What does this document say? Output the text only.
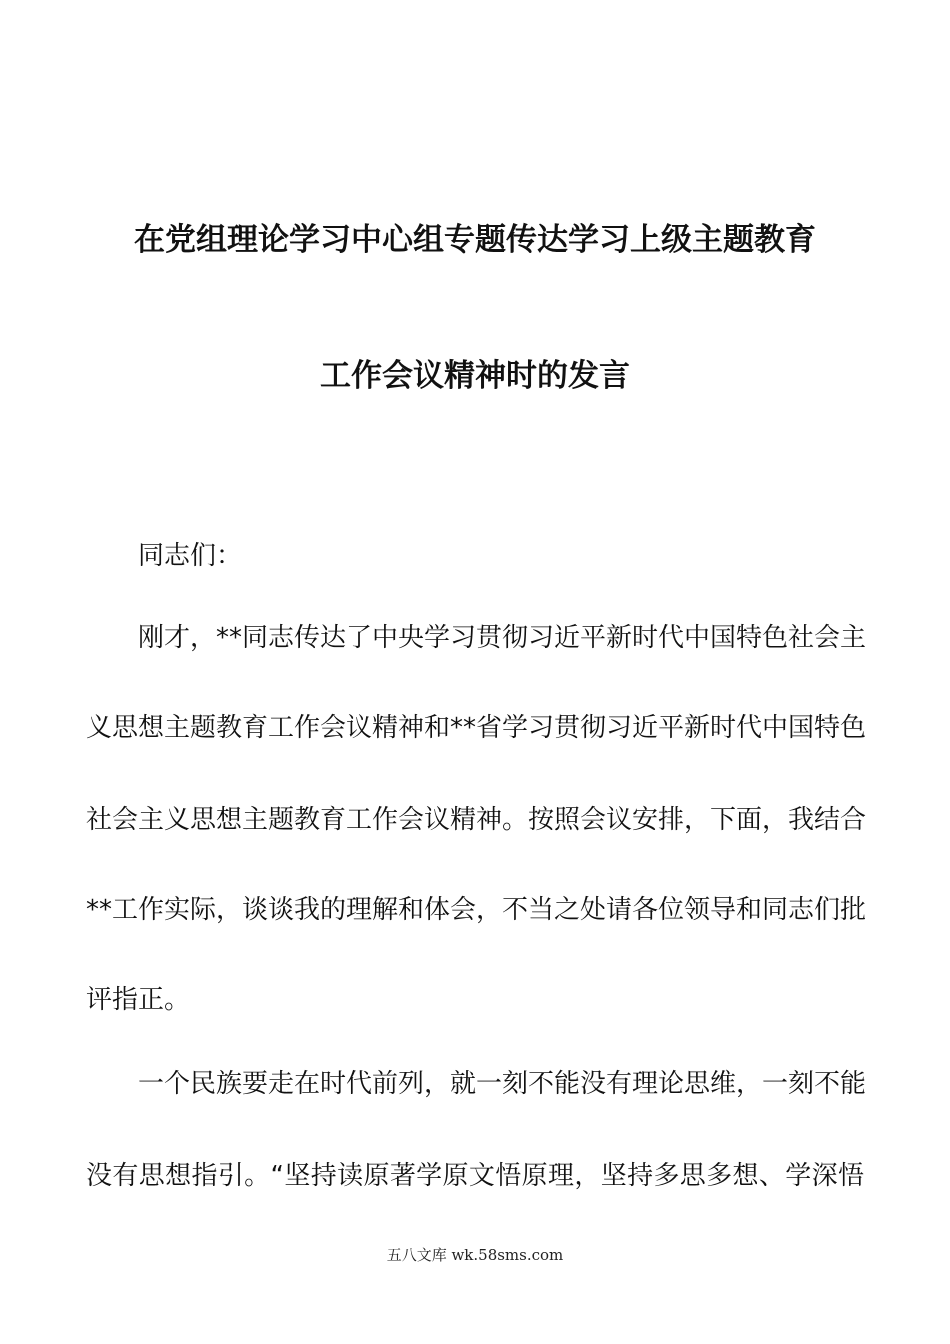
在党组理论学习中心组专题传达学习上级主题教育
工作会议精神时的发言
同志们：
刚才，**同志传达了中央学习贯彻习近平新时代中国特色社会主
义思想主题教育工作会议精神和**省学习贯彻习近平新时代中国特色
社会主义思想主题教育工作会议精神。按照会议安排，下面，我结合
**工作实际，谈谈我的理解和体会，不当之处请各位领导和同志们批
评指正。
一个民族要走在时代前列，就一刻不能没有理论思维，一刻不能
没有思想指引。“坚持读原著学原文悟原理，坚持多思多想、学深悟
五八文库 wk.58sms.com
